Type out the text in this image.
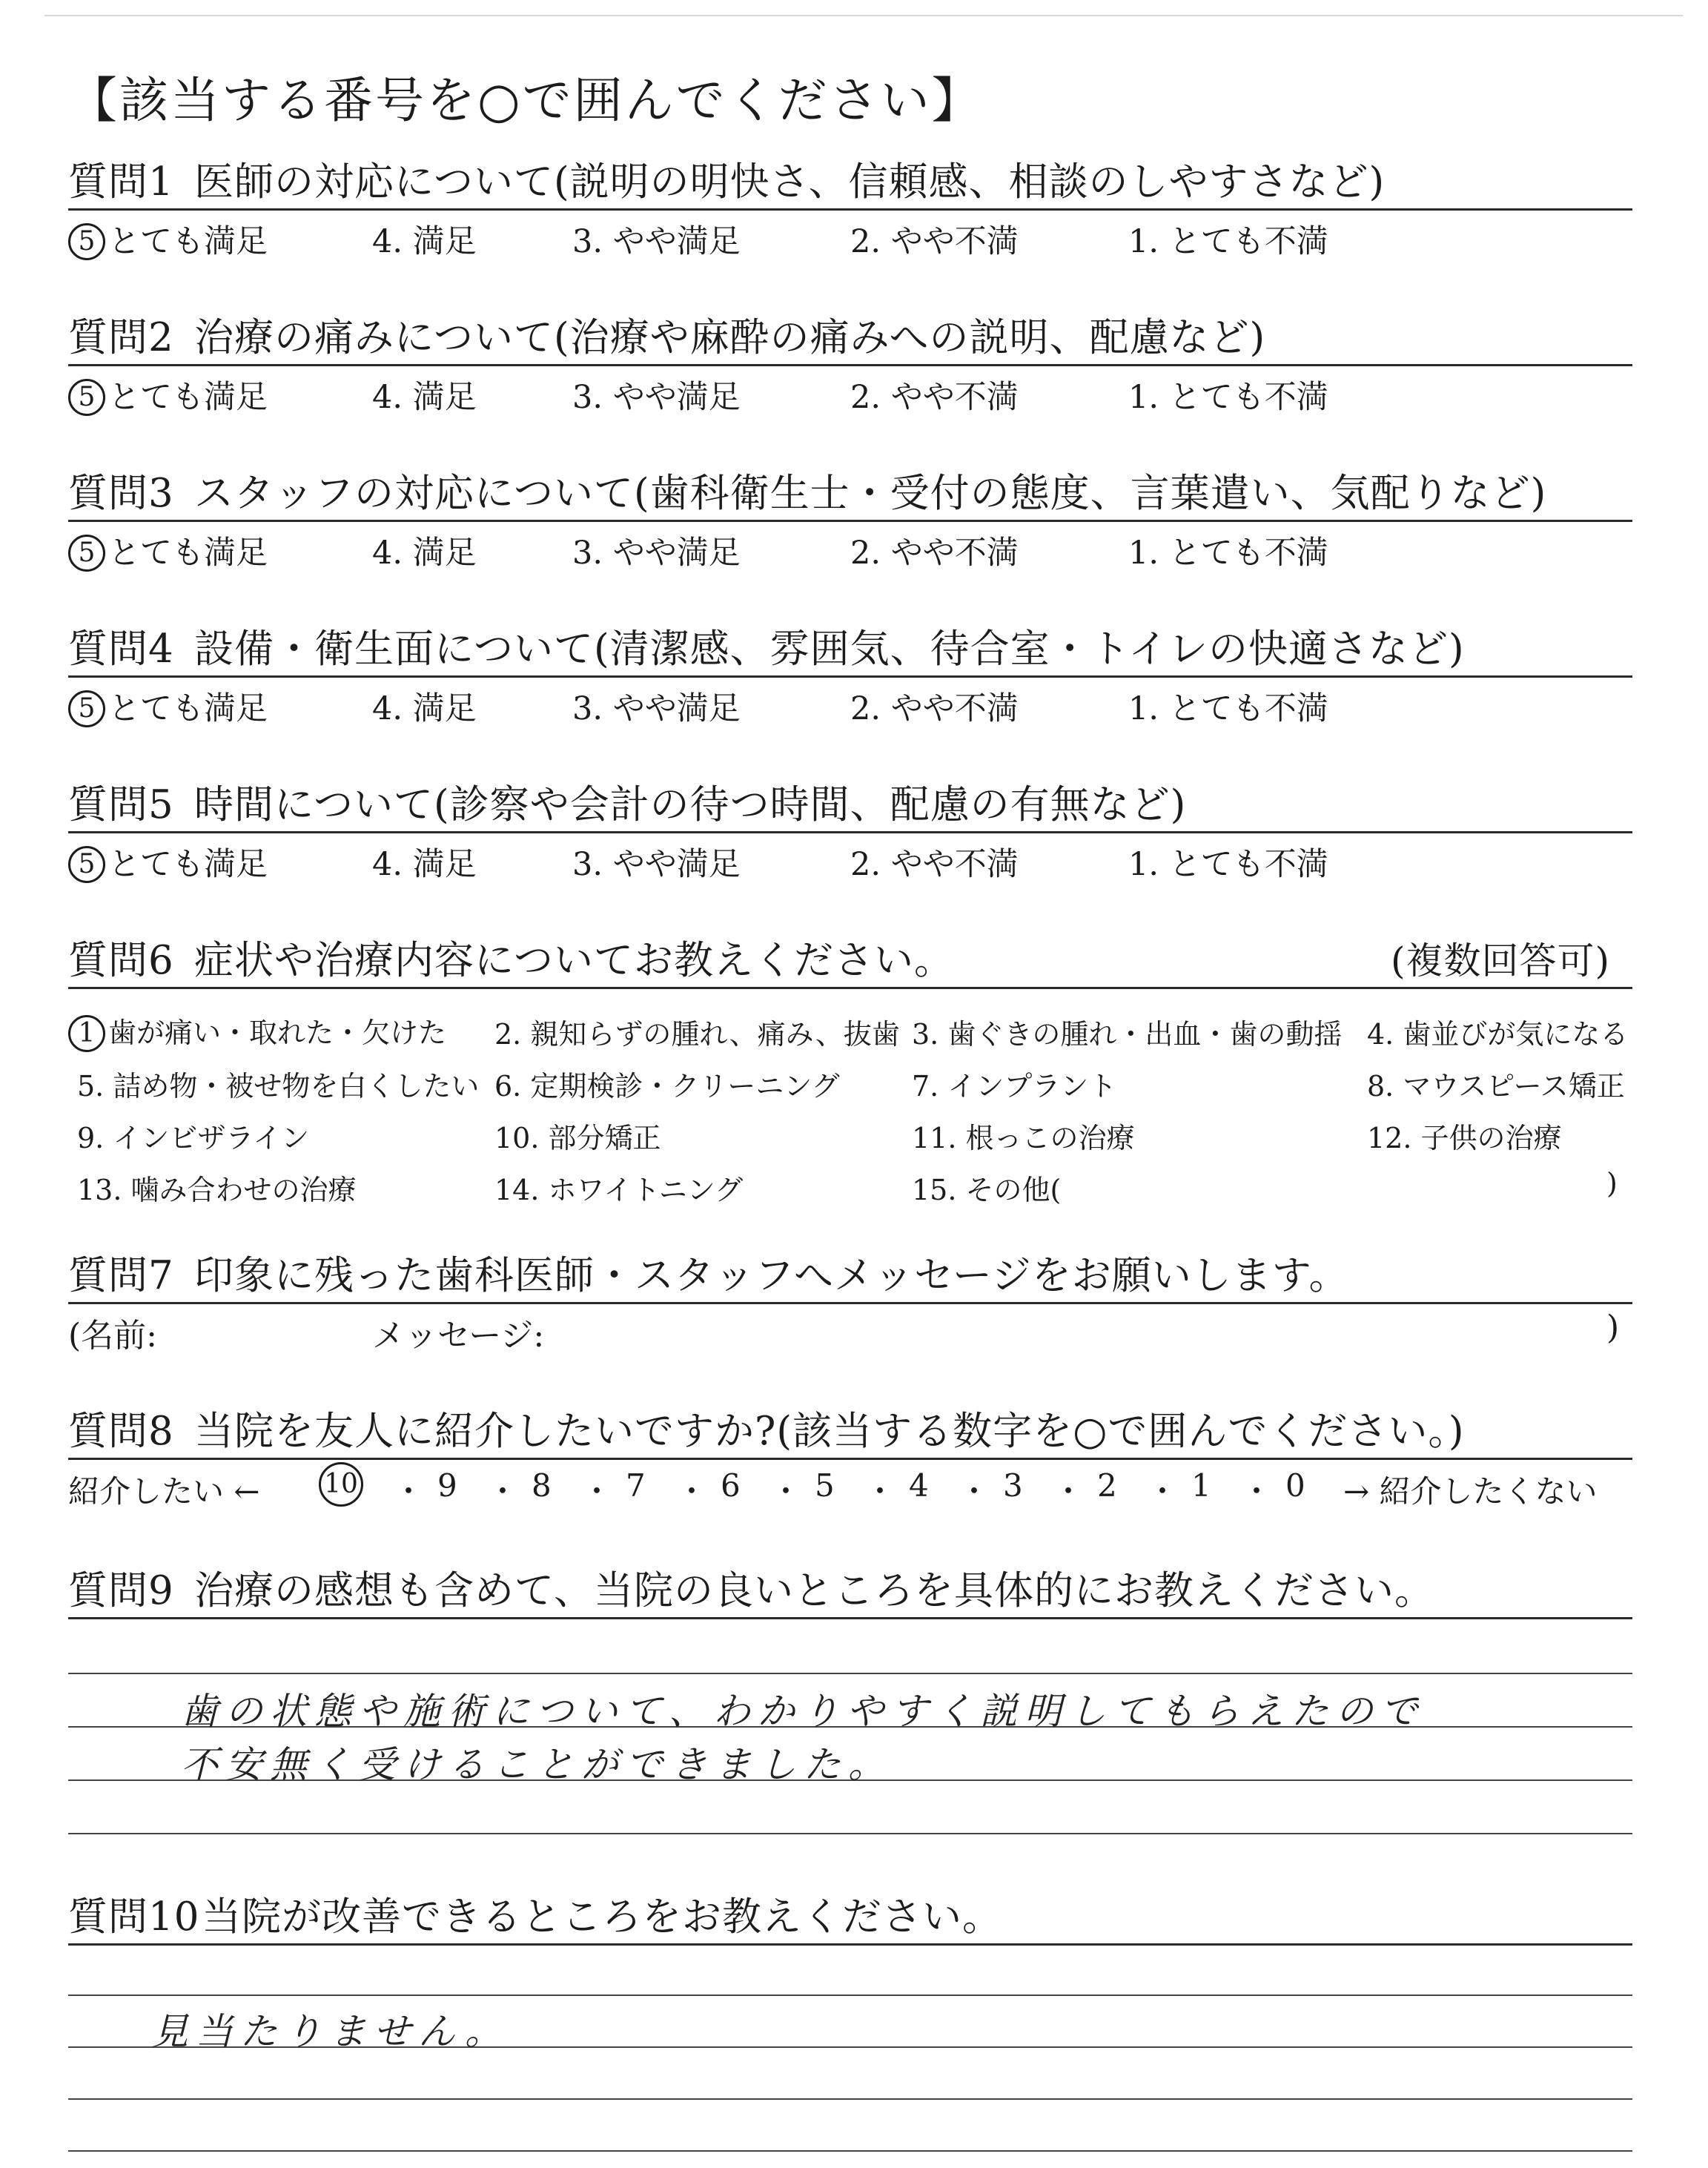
【該当する番号を○で囲んでください】
質問1 医師の対応について(説明の明快さ、信頼感、相談のしやすさなど)
5 とても満足	4. 満足	3. やや満足	2. やや不満	1. とても不満
質問2 治療の痛みについて(治療や麻酔の痛みへの説明、配慮など)
5 とても満足	4. 満足	3. やや満足	2. やや不満	1. とても不満
質問3 スタッフの対応について(歯科衛生士・受付の態度、言葉遣い、気配りなど)
5 とても満足	4. 満足	3. やや満足	2. やや不満	1. とても不満
質問4 設備・衛生面について(清潔感、雰囲気、待合室・トイレの快適さなど)
5 とても満足	4. 満足	3. やや満足	2. やや不満	1. とても不満
質問5 時間について(診察や会計の待つ時間、配慮の有無など)
5 とても満足	4. 満足	3. やや満足	2. やや不満	1. とても不満
質問6 症状や治療内容についてお教えください。	(複数回答可)
1 歯が痛い・取れた・欠けた 2. 親知らずの腫れ、痛み、抜歯 3. 歯ぐきの腫れ・出血・歯の動揺 4. 歯並びが気になる
5. 詰め物・被せ物を白くしたい 6. 定期検診・クリーニング	7. インプラント	8. マウスピース矯正
9. インビザライン	10. 部分矯正	11. 根っこの治療	12. 子供の治療
13. 噛み合わせの治療	14. ホワイトニング	15. その他(	)
質問7 印象に残った歯科医師・スタッフへメッセージをお願いします。
(名前:	メッセージ:	)
質問8 当院を友人に紹介したいですか?(該当する数字を○で囲んでください。)
紹介したい ← 10 ・ 9 ・ 8 ・ 7 ・ 6 ・ 5 ・ 4 ・ 3 ・ 2 ・ 1 ・ 0 → 紹介したくない
質問9 治療の感想も含めて、当院の良いところを具体的にお教えください。
歯の状態や施術について、わかりやすく説明してもらえたので
不安無く受けることができました。
質問10当院が改善できるところをお教えください。
見当たりません。
